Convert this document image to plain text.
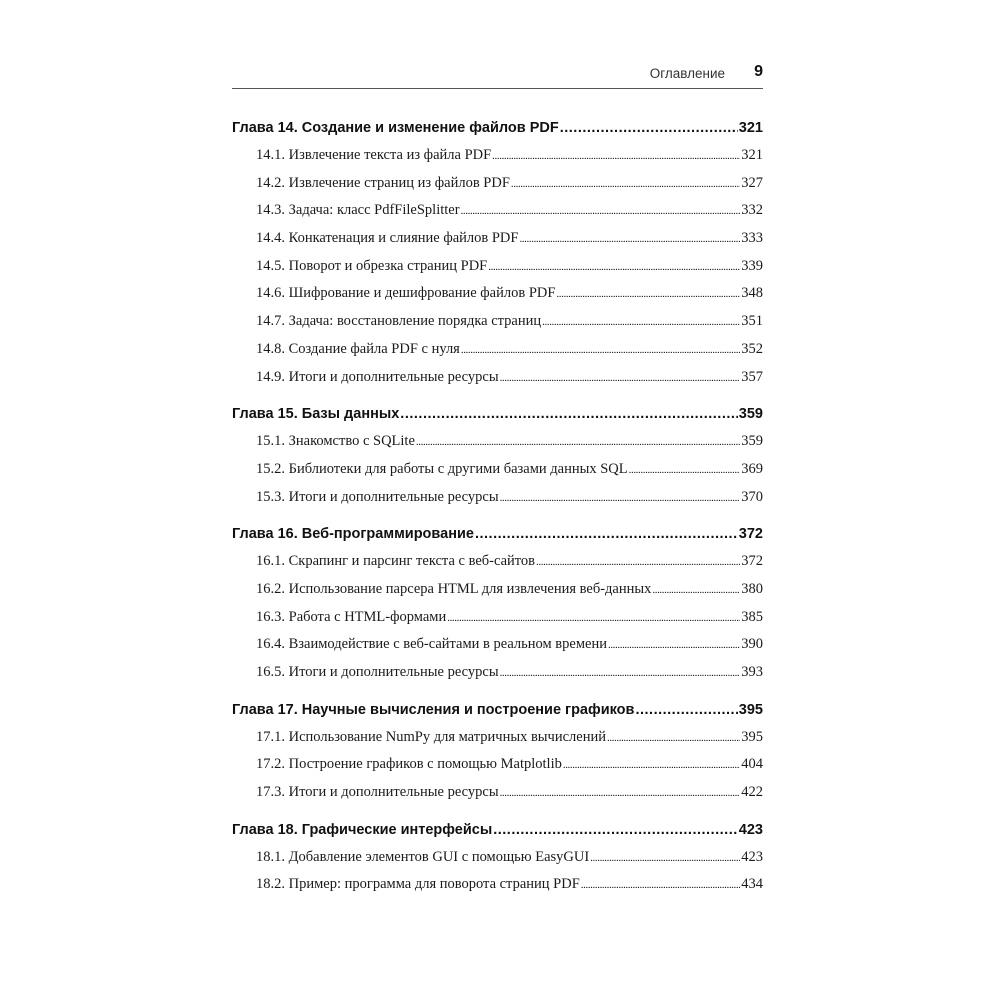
Оглавление 9
Глава 14. Создание и изменение файлов PDF .....	321
14.1. Извлечение текста из файла PDF .....	321
14.2. Извлечение страниц из файлов PDF .....	327
14.3. Задача: класс PdfFileSplitter .....	332
14.4. Конкатенация и слияние файлов PDF .....	333
14.5. Поворот и обрезка страниц PDF .....	339
14.6. Шифрование и дешифрование файлов PDF .....	348
14.7. Задача: восстановление порядка страниц .....	351
14.8. Создание файла PDF с нуля .....	352
14.9. Итоги и дополнительные ресурсы .....	357
Глава 15. Базы данных .....	359
15.1. Знакомство с SQLite .....	359
15.2. Библиотеки для работы с другими базами данных SQL .....	369
15.3. Итоги и дополнительные ресурсы .....	370
Глава 16. Веб-программирование .....	372
16.1. Скрапинг и парсинг текста с веб-сайтов .....	372
16.2. Использование парсера HTML для извлечения веб-данных .....	380
16.3. Работа с HTML-формами .....	385
16.4. Взаимодействие с веб-сайтами в реальном времени .....	390
16.5. Итоги и дополнительные ресурсы .....	393
Глава 17. Научные вычисления и построение графиков .....	395
17.1. Использование NumPy для матричных вычислений .....	395
17.2. Построение графиков с помощью Matplotlib .....	404
17.3. Итоги и дополнительные ресурсы .....	422
Глава 18. Графические интерфейсы .....	423
18.1. Добавление элементов GUI с помощью EasyGUI .....	423
18.2. Пример: программа для поворота страниц PDF .....	434
